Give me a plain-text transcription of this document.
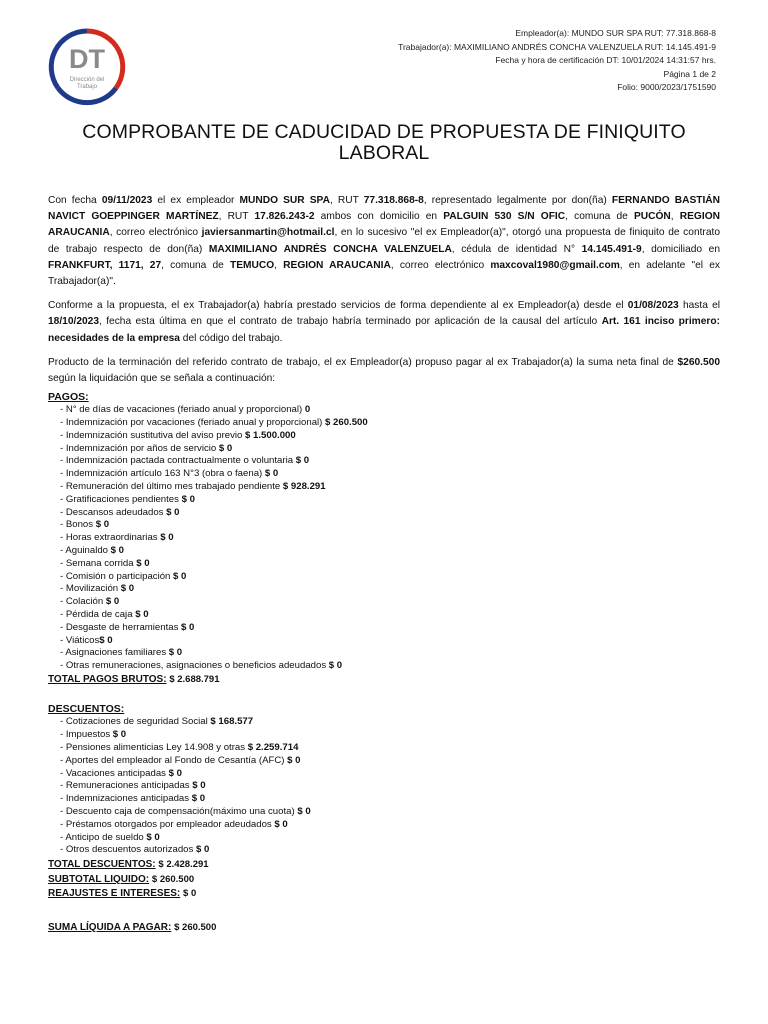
DT
Dirección del
Trabajo
Empleador(a): MUNDO SUR SPA RUT: 77.318.868-8
Trabajador(a): MAXIMILIANO ANDRÉS CONCHA VALENZUELA RUT: 14.145.491-9
Fecha y hora de certificación DT: 10/01/2024 14:31:57 hrs.
Página 1 de 2
Folio: 9000/2023/1751590
COMPROBANTE DE CADUCIDAD DE PROPUESTA DE FINIQUITO
LABORAL

Con fecha 09/11/2023 el ex empleador MUNDO SUR SPA, RUT 77.318.868-8, representado legalmente por don(ña) FERNANDO BASTIÁN NAVICT GOEPPINGER MARTÍNEZ, RUT 17.826.243-2 ambos con domicilio en PALGUIN 530 S/N OFIC, comuna de PUCÓN, REGION ARAUCANIA, correo electrónico javiersanmartin@hotmail.cl, en lo sucesivo "el ex Empleador(a)", otorgó una propuesta de finiquito de contrato de trabajo respecto de don(ña) MAXIMILIANO ANDRÉS CONCHA VALENZUELA, cédula de identidad N° 14.145.491-9, domiciliado en FRANKFURT, 1171, 27, comuna de TEMUCO, REGION ARAUCANIA, correo electrónico maxcoval1980@gmail.com, en adelante "el ex Trabajador(a)".

Conforme a la propuesta, el ex Trabajador(a) habría prestado servicios de forma dependiente al ex Empleador(a) desde el 01/08/2023 hasta el 18/10/2023, fecha esta última en que el contrato de trabajo habría terminado por aplicación de la causal del artículo Art. 161 inciso primero: necesidades de la empresa del código del trabajo.

Producto de la terminación del referido contrato de trabajo, el ex Empleador(a) propuso pagar al ex Trabajador(a) la suma neta final de $260.500 según la liquidación que se señala a continuación:

PAGOS:
- N° de días de vacaciones (feriado anual y proporcional) 0
- Indemnización por vacaciones (feriado anual y proporcional) $ 260.500
- Indemnización sustitutiva del aviso previo $ 1.500.000
- Indemnización por años de servicio $ 0
- Indemnización pactada contractualmente o voluntaria $ 0
- Indemnización artículo 163 N°3 (obra o faena) $ 0
- Remuneración del último mes trabajado pendiente $ 928.291
- Gratificaciones pendientes $ 0
- Descansos adeudados $ 0
- Bonos $ 0
- Horas extraordinarias $ 0
- Aguinaldo $ 0
- Semana corrida $ 0
- Comisión o participación $ 0
- Movilización $ 0
- Colación $ 0
- Pérdida de caja $ 0
- Desgaste de herramientas $ 0
- Viáticos$ 0
- Asignaciones familiares $ 0
- Otras remuneraciones, asignaciones o beneficios adeudados $ 0
TOTAL PAGOS BRUTOS: $ 2.688.791
DESCUENTOS:
- Cotizaciones de seguridad Social $ 168.577
- Impuestos $ 0
- Pensiones alimenticias Ley 14.908 y otras $ 2.259.714
- Aportes del empleador al Fondo de Cesantía (AFC) $ 0
- Vacaciones anticipadas $ 0
- Remuneraciones anticipadas $ 0
- Indemnizaciones anticipadas $ 0
- Descuento caja de compensación(máximo una cuota) $ 0
- Préstamos otorgados por empleador adeudados $ 0
- Anticipo de sueldo $ 0
- Otros descuentos autorizados $ 0
TOTAL DESCUENTOS: $ 2.428.291
SUBTOTAL LIQUIDO: $ 260.500
REAJUSTES E INTERESES: $ 0
SUMA LÍQUIDA A PAGAR: $ 260.500
